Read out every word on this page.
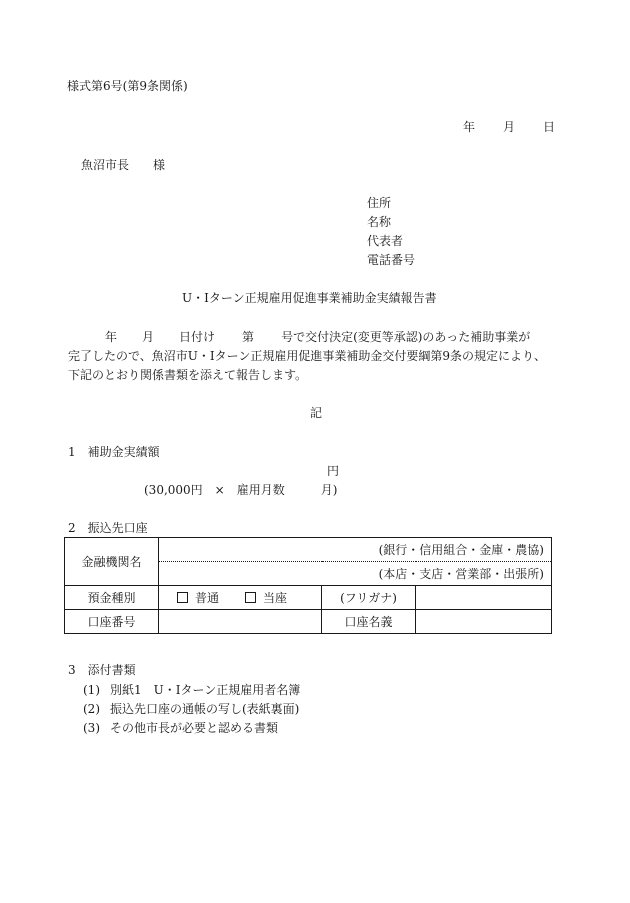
様式第6号(第9条関係)
年 月 日
魚沼市長 様
住所
名称
代表者
電話番号
U・Iターン正規雇用促進事業補助金実績報告書
年 月 日付け 第 号で交付決定(変更等承認)のあった補助事業が
完了したので、魚沼市U・Iターン正規雇用促進事業補助金交付要綱第9条の規定により、
下記のとおり関係書類を添えて報告します。
記
1　補助金実績額
円
(30,000円　×　雇用月数	月)
2　振込先口座
金融機関名	(銀行・信用組合・金庫・農協)		
	(本店・支店・営業部・出張所)		
預金種別	普通 当座	(フリガナ)	
口座番号		口座名義	
3　添付書類
(1) 別紙1　U・Iターン正規雇用者名簿
(2) 振込先口座の通帳の写し(表紙裏面)
(3) その他市長が必要と認める書類
